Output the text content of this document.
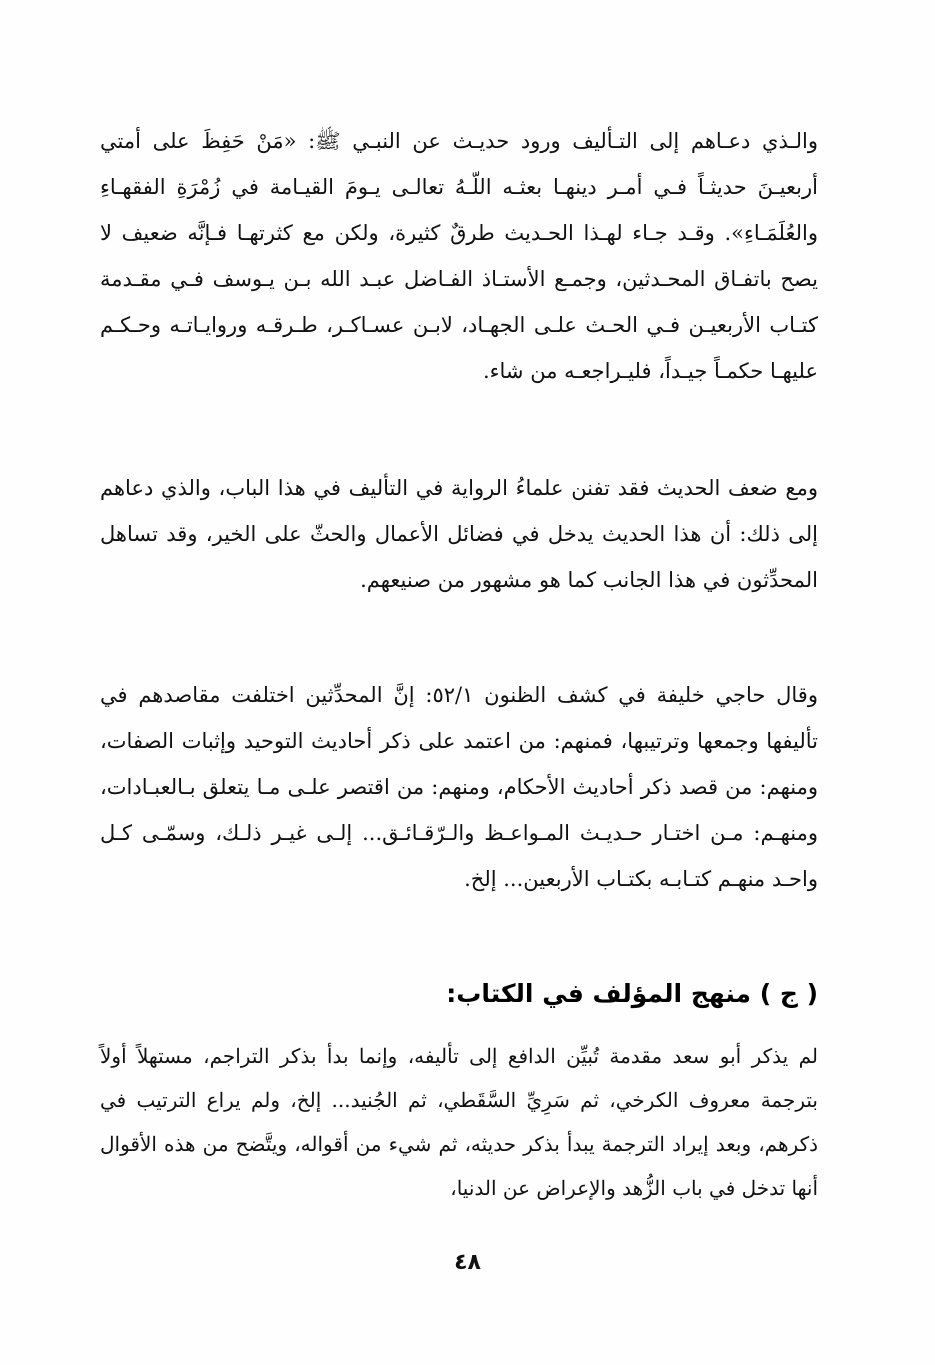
والـذي دعـاهم إلى التـأليف ورود حديـث عن النبـي ﷺ: «مَنْ حَفِظَ على أمتي أربعيـنَ حديثـاً فـي أمـر دينهـا بعثـه اللّـهُ تعالـى يـومَ القيـامة في زُمْرَةِ الفقهـاءِ والعُلَمَـاءِ». وقـد جـاء لهـذا الحـديث طرقٌ كثيرة، ولكن مع كثرتهـا فـإنَّه ضعيف لا يصح باتفـاق المحـدثين، وجمـع الأستـاذ الفـاضل عبـد الله بـن يـوسف فـي مقـدمة كتـاب الأربعيـن فـي الحـث علـى الجهـاد، لابـن عسـاكـر، طـرقـه وروايـاتـه وحـكـم عليهـا حكمـاً جيـداً، فليـراجعـه من شاء.

ومع ضعف الحديث فقد تفنن علماءُ الرواية في التأليف في هذا الباب، والذي دعاهم إلى ذلك: أن هذا الحديث يدخل في فضائل الأعمال والحثّ على الخير، وقد تساهل المحدِّثون في هذا الجانب كما هو مشهور من صنيعهم.

وقال حاجي خليفة في كشف الظنون ٥٢/١: إنَّ المحدِّثين اختلفت مقاصدهم في تأليفها وجمعها وترتيبها، فمنهم: من اعتمد على ذكر أحاديث التوحيد وإثبات الصفات، ومنهم: من قصد ذكر أحاديث الأحكام، ومنهم: من اقتصر علـى مـا يتعلق بـالعبـادات، ومنهـم: مـن اختـار حـديـث المـواعـظ والـرّقـائـق... إلـى غيـر ذلـك، وسمّـى كـل واحـد منهـم كتـابـه بكتـاب الأربعين... إلخ.

( ج ) منهج المؤلف في الكتاب:

لم يذكر أبو سعد مقدمة تُبيِّن الدافع إلى تأليفه، وإنما بدأ بذكر التراجم، مستهلاً أولاً بترجمة معروف الكرخي، ثم سَرِيِّ السَّقَطي، ثم الجُنيد... إلخ، ولم يراع الترتيب في ذكرهم، وبعد إيراد الترجمة يبدأ بذكر حديثه، ثم شيء من أقواله، ويتَّضح من هذه الأقوال أنها تدخل في باب الزُّهد والإعراض عن الدنيا،

٤٨
